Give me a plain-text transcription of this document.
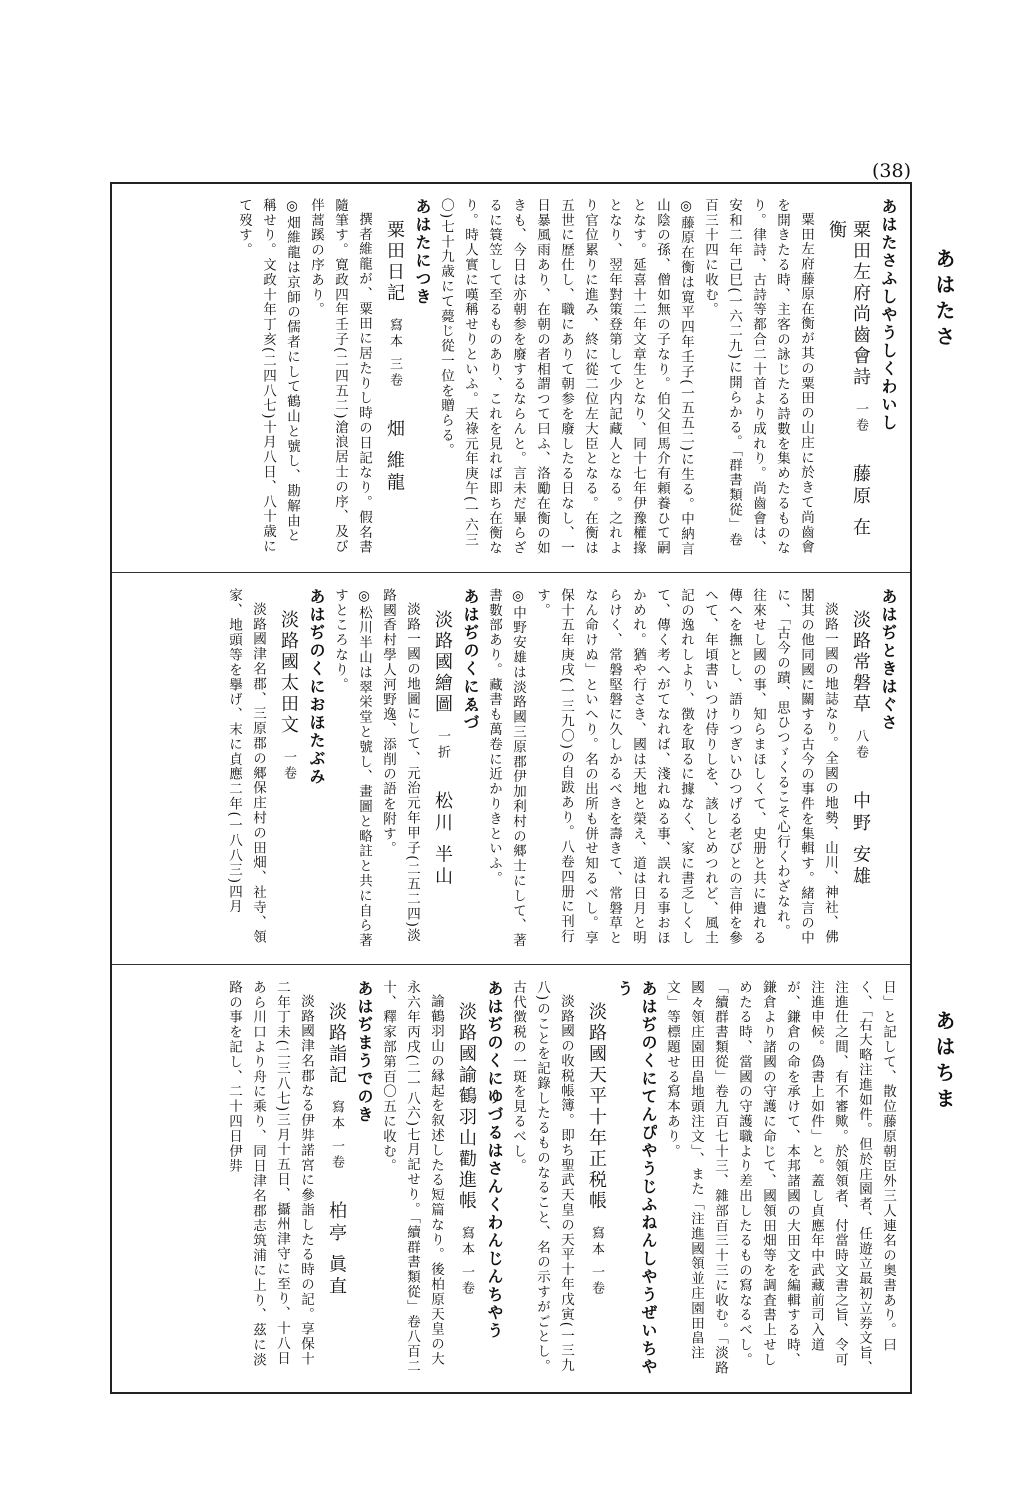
(38)
あはたさ
あはちま
あはたさふしやうしくわいし
粟田左府尚齒會詩一卷藤原 在衡
粟田左府藤原在衡が其の粟田の山庄に於きて尚齒會を開きたる時、主客の詠じたる詩數を集めたるものなり。律詩、古詩等都合二十首より成れり。尚齒會は、安和二年己巳(一六二九)に開らかる。「群書類從」卷百三十四に收む。
◎藤原在衡は寛平四年壬子(一五五二)に生る。中納言山陰の孫、僧如無の子なり。伯父但馬介有頼養ひて嗣となす。延喜十二年文章生となり、同十七年伊豫權掾となり、翌年對策登第して少内記藏人となる。之れより官位累りに進み、終に從二位左大臣となる。在衡は五世に歴仕し、職にありて朝参を廢したる日なし、一日暴風雨あり、在朝の者相謂つて曰ふ、洛勵在衡の如きも、今日は亦朝参を廢するならんと。言未だ畢らざるに簑笠して至るものあり、これを見れば即ち在衡なり。時人實に嘆稱せりといふ。天祿元年庚午(一六三〇)七十九歳にて薨じ從一位を贈らる。
あはたにつき
粟田日記寫本 三卷畑 維龍
撰者維龍が、粟田に居たりし時の日記なり。假名書隨筆す。寛政四年壬子(二四五二)滄浪居士の序、及び伴蒿蹊の序あり。
◎畑維龍は京師の儒者にして鶴山と號し、勘解由と稱せり。文政十年丁亥(二四八七)十月八日、八十歳にて歿す。
あはぢときはぐさ
淡路常磐草八卷中野 安雄
淡路一國の地誌なり。全國の地勢、山川、神社、佛閣其の他同國に關する古今の事件を集輯す。緒言の中に、「古今の蹟、思ひつゞくるこそ心行くわざなれ。往來せし國の事、知らまほしくて、史册と共に遺れる傳へを撫とし、語りつぎいひつげる老びとの言伸を參へて、年頃書いつけ侍りしを、該しとめつれど、風土記の逸れしより、徴を取るに據なく、家に書乏しくして、傳く考へがてなれば、淺れぬる事、誤れる事おほかめれ。猶や行さき、國は天地と榮え、道は日月と明らけく、常磐堅磐に久しかるべきを壽きて、常磐草となん命けぬ」といへり。名の出所も併せ知るべし。享保十五年庚戌(一三九〇)の自跋あり。八卷四册に刊行す。
◎中野安雄は淡路國三原郡伊加利村の郷士にして、著書數部あり。藏書も萬卷に近かりきといふ。
あはぢのくにゑづ
淡路國繪圖一折松川 半山
淡路一國の地圖にして、元治元年甲子(二五二四)淡路國香村學人河野逸、添削の語を附す。
◎松川半山は翠栄堂と號し、畫圖と略註と共に自ら著すところなり。
あはぢのくにおほたぶみ
淡路國太田文一卷
淡路國津名郡、三原郡の郷保庄村の田畑、社寺、領家、地頭等を擧げ、末に貞應二年(一八八三)四月
日」と記して、散位藤原朝臣外三人連名の奥書あり。曰く、「右大略注進如件。但於庄園者、任遊立最初立券文旨、注進仕之間、有不審歟。於領領者、付當時文書之旨、令可注進申候。偽書上如件」と。蓋し貞應年中武藏前司入道が、鎌倉の命を承けて、本邦諸國の大田文を編輯する時、鎌倉より諸國の守護に命じて、國領田畑等を調査書上せしめたる時、當國の守護職より差出したるもの寫なるべし。「續群書類從」卷九百七十三、雜部百三十三に收む。「淡路國々領庄園田畠地頭注文」、また「注進國領並庄園田畠注文」等標題せる寫本あり。
あはぢのくにてんぴやうじふねんしやうぜいちやう
淡路國天平十年正税帳寫本 一卷
淡路國の收税帳簿。即ち聖武天皇の天平十年戊寅(一三九八)のことを記錄したるものなること、名の示すがごとし。古代徴税の一斑を見るべし。
あはぢのくにゆづるはさんくわんじんちやう
淡路國諭鶴羽山勸進帳寫本 一卷
諭鶴羽山の縁起を叙述したる短篇なり。後柏原天皇の大永六年丙戌(二一八六)七月記せり。「續群書類從」卷八百二十、釋家部第百〇五に收む。
あはぢまうでのき
淡路詣記寫本 一卷柏亭 眞直
淡路國津名郡なる伊弉諾宮に參詣したる時の記。享保十二年丁未(二三八七)三月十五日、攝州津守に至り、十八日あら川口より舟に乘り、同日津名郡志筑浦に上り、茲に淡路の事を記し、二十四日伊弉
